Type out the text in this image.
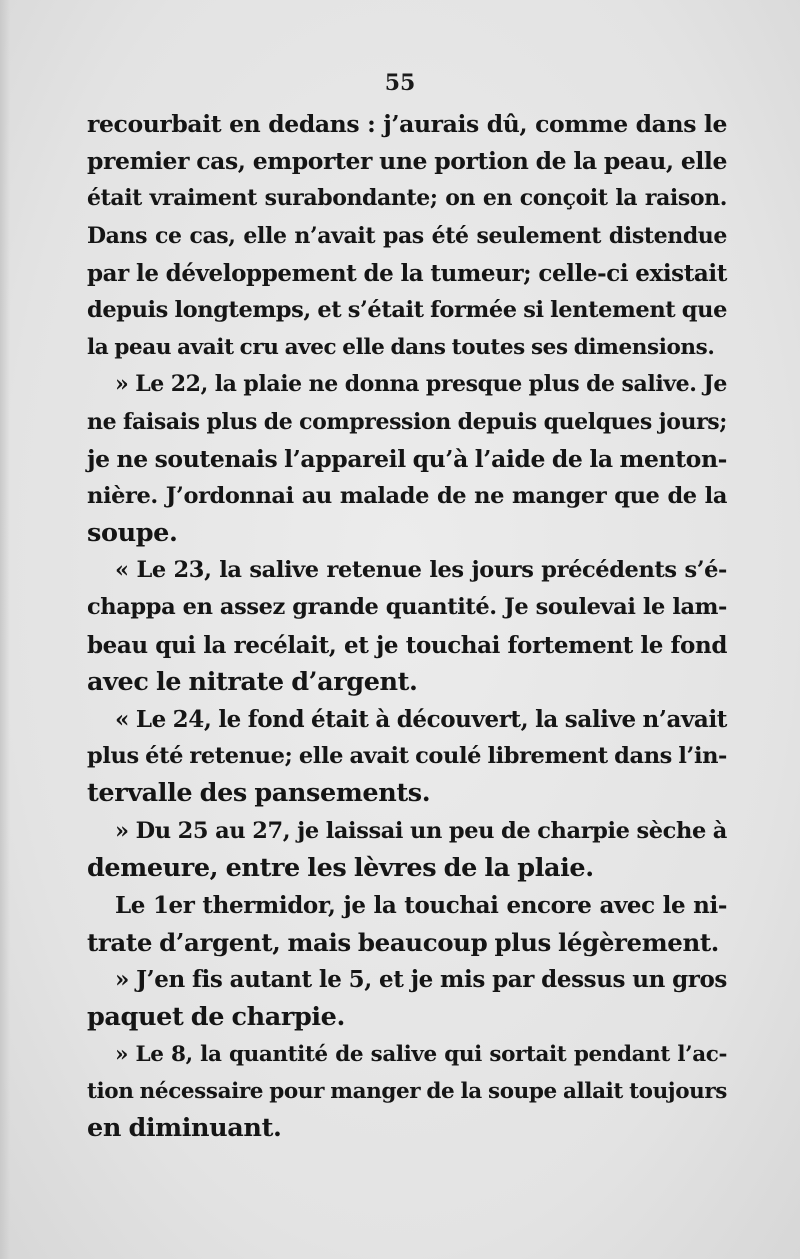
55
recourbait en dedans : j’aurais dû, comme dans le
premier cas, emporter une portion de la peau, elle
était vraiment surabondante; on en conçoit la raison.
Dans ce cas, elle n’avait pas été seulement distendue
par le développement de la tumeur; celle-ci existait
depuis longtemps, et s’était formée si lentement que
la peau avait cru avec elle dans toutes ses dimensions.
» Le 22, la plaie ne donna presque plus de salive. Je
ne faisais plus de compression depuis quelques jours;
je ne soutenais l’appareil qu’à l’aide de la menton-
nière. J’ordonnai au malade de ne manger que de la
soupe.
« Le 23, la salive retenue les jours précédents s’é-
chappa en assez grande quantité. Je soulevai le lam-
beau qui la recélait, et je touchai fortement le fond
avec le nitrate d’argent.
« Le 24, le fond était à découvert, la salive n’avait
plus été retenue; elle avait coulé librement dans l’in-
tervalle des pansements.
» Du 25 au 27, je laissai un peu de charpie sèche à
demeure, entre les lèvres de la plaie.
Le 1er thermidor, je la touchai encore avec le ni-
trate d’argent, mais beaucoup plus légèrement.
» J’en fis autant le 5, et je mis par dessus un gros
paquet de charpie.
» Le 8, la quantité de salive qui sortait pendant l’ac-
tion nécessaire pour manger de la soupe allait toujours
en diminuant.
